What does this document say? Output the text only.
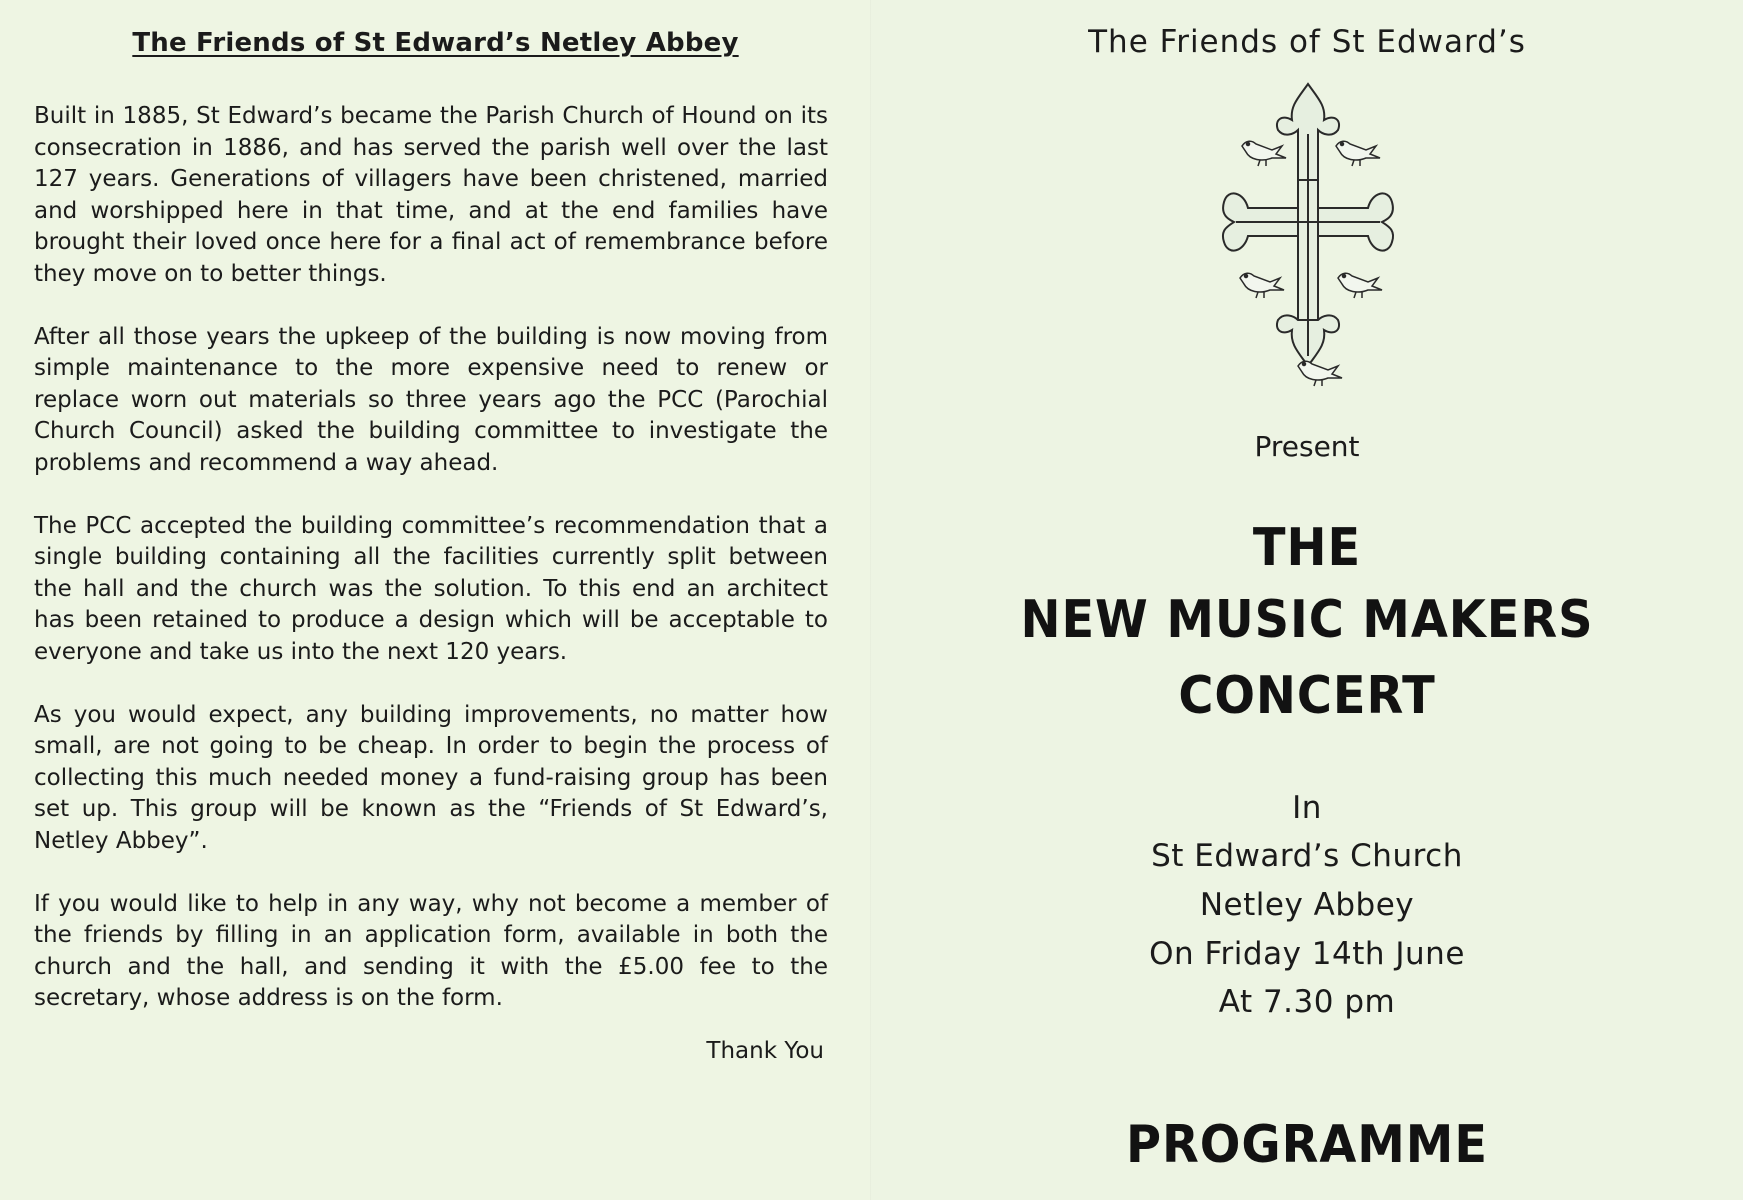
The Friends of St Edward’s Netley Abbey

Built in 1885, St Edward’s became the Parish Church of Hound on its consecration in 1886, and has served the parish well over the last 127 years. Generations of villagers have been christened, married and worshipped here in that time, and at the end families have brought their loved once here for a final act of remembrance before they move on to better things.

After all those years the upkeep of the building is now moving from simple maintenance to the more expensive need to renew or replace worn out materials so three years ago the PCC (Parochial Church Council) asked the building committee to investigate the problems and recommend a way ahead.

The PCC accepted the building committee’s recommendation that a single building containing all the facilities currently split between the hall and the church was the solution. To this end an architect has been retained to produce a design which will be acceptable to everyone and take us into the next 120 years.

As you would expect, any building improvements, no matter how small, are not going to be cheap. In order to begin the process of collecting this much needed money a fund-raising group has been set up. This group will be known as the “Friends of St Edward’s, Netley Abbey”.

If you would like to help in any way, why not become a member of the friends by filling in an application form, available in both the church and the hall, and sending it with the £5.00 fee to the secretary, whose address is on the form.

Thank You
The Friends of St Edward’s
Present
THE
NEW MUSIC MAKERS
CONCERT
In
St Edward’s Church
Netley Abbey
On Friday 14th June
At 7.30 pm
PROGRAMME
